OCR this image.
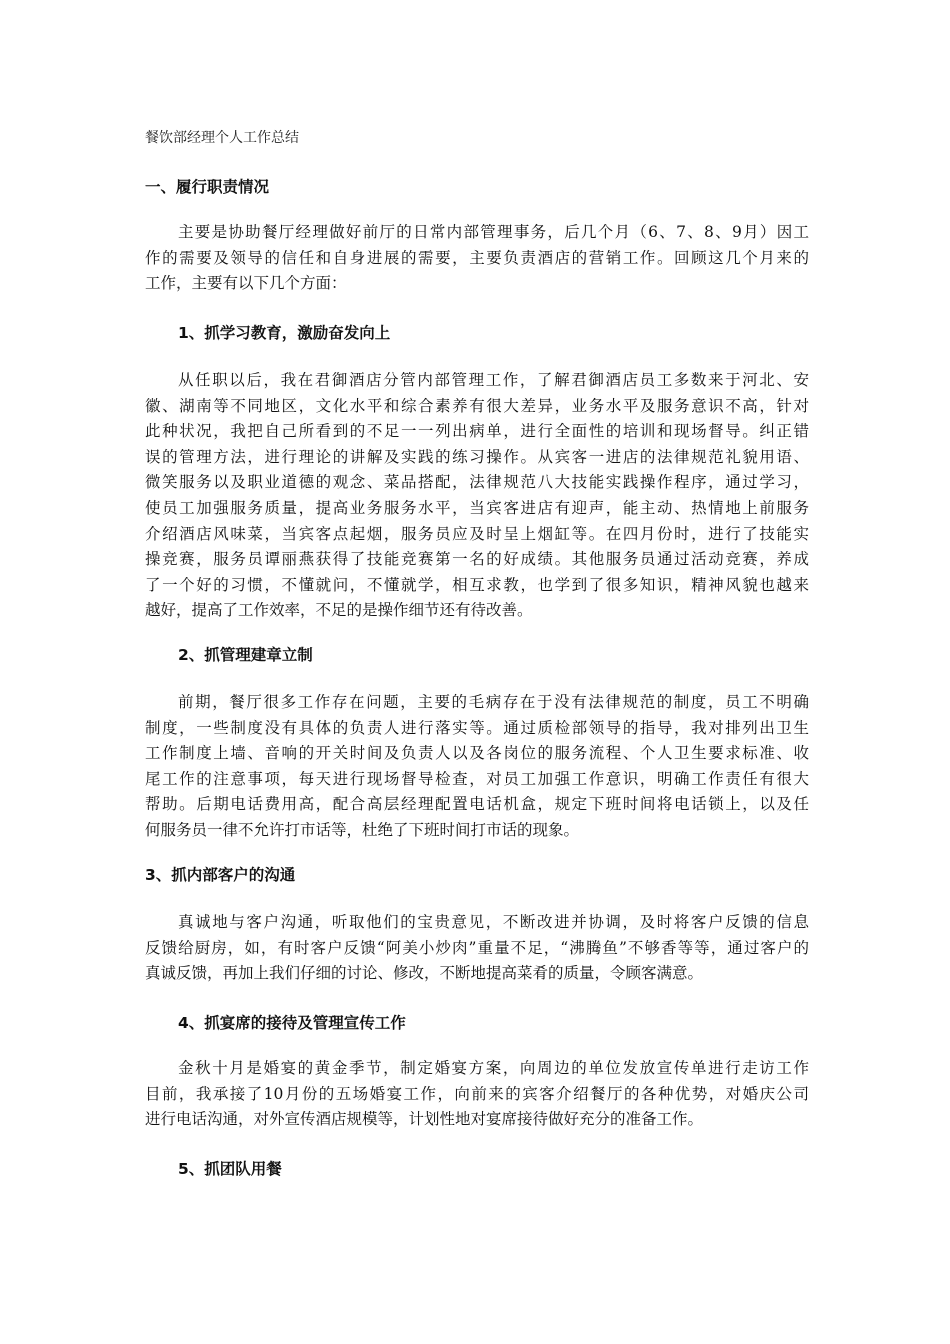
餐饮部经理个人工作总结
一、履行职责情况
主要是协助餐厅经理做好前厅的日常内部管理事务，后几个月（6、7、8、9月）因工
作的需要及领导的信任和自身进展的需要，主要负责酒店的营销工作。回顾这几个月来的
工作，主要有以下几个方面：
1、抓学习教育，激励奋发向上
从任职以后，我在君御酒店分管内部管理工作，了解君御酒店员工多数来于河北、安
徽、湖南等不同地区，文化水平和综合素养有很大差异，业务水平及服务意识不高，针对
此种状况，我把自己所看到的不足一一列出病单，进行全面性的培训和现场督导。纠正错
误的管理方法，进行理论的讲解及实践的练习操作。从宾客一进店的法律规范礼貌用语、
微笑服务以及职业道德的观念、菜品搭配，法律规范八大技能实践操作程序，通过学习，
使员工加强服务质量，提高业务服务水平，当宾客进店有迎声，能主动、热情地上前服务
介绍酒店风味菜，当宾客点起烟，服务员应及时呈上烟缸等。在四月份时，进行了技能实
操竞赛，服务员谭丽燕获得了技能竞赛第一名的好成绩。其他服务员通过活动竞赛，养成
了一个好的习惯，不懂就问，不懂就学，相互求教，也学到了很多知识，精神风貌也越来
越好，提高了工作效率，不足的是操作细节还有待改善。
2、抓管理建章立制
前期，餐厅很多工作存在问题，主要的毛病存在于没有法律规范的制度，员工不明确
制度，一些制度没有具体的负责人进行落实等。通过质检部领导的指导，我对排列出卫生
工作制度上墙、音响的开关时间及负责人以及各岗位的服务流程、个人卫生要求标准、收
尾工作的注意事项，每天进行现场督导检查，对员工加强工作意识，明确工作责任有很大
帮助。后期电话费用高，配合高层经理配置电话机盒，规定下班时间将电话锁上，以及任
何服务员一律不允许打市话等，杜绝了下班时间打市话的现象。
3、抓内部客户的沟通
真诚地与客户沟通，听取他们的宝贵意见，不断改进并协调，及时将客户反馈的信息
反馈给厨房，如，有时客户反馈“阿美小炒肉”重量不足，“沸腾鱼”不够香等等，通过客户的
真诚反馈，再加上我们仔细的讨论、修改，不断地提高菜肴的质量，令顾客满意。
4、抓宴席的接待及管理宣传工作
金秋十月是婚宴的黄金季节，制定婚宴方案，向周边的单位发放宣传单进行走访工作
目前，我承接了10月份的五场婚宴工作，向前来的宾客介绍餐厅的各种优势，对婚庆公司
进行电话沟通，对外宣传酒店规模等，计划性地对宴席接待做好充分的准备工作。
5、抓团队用餐
